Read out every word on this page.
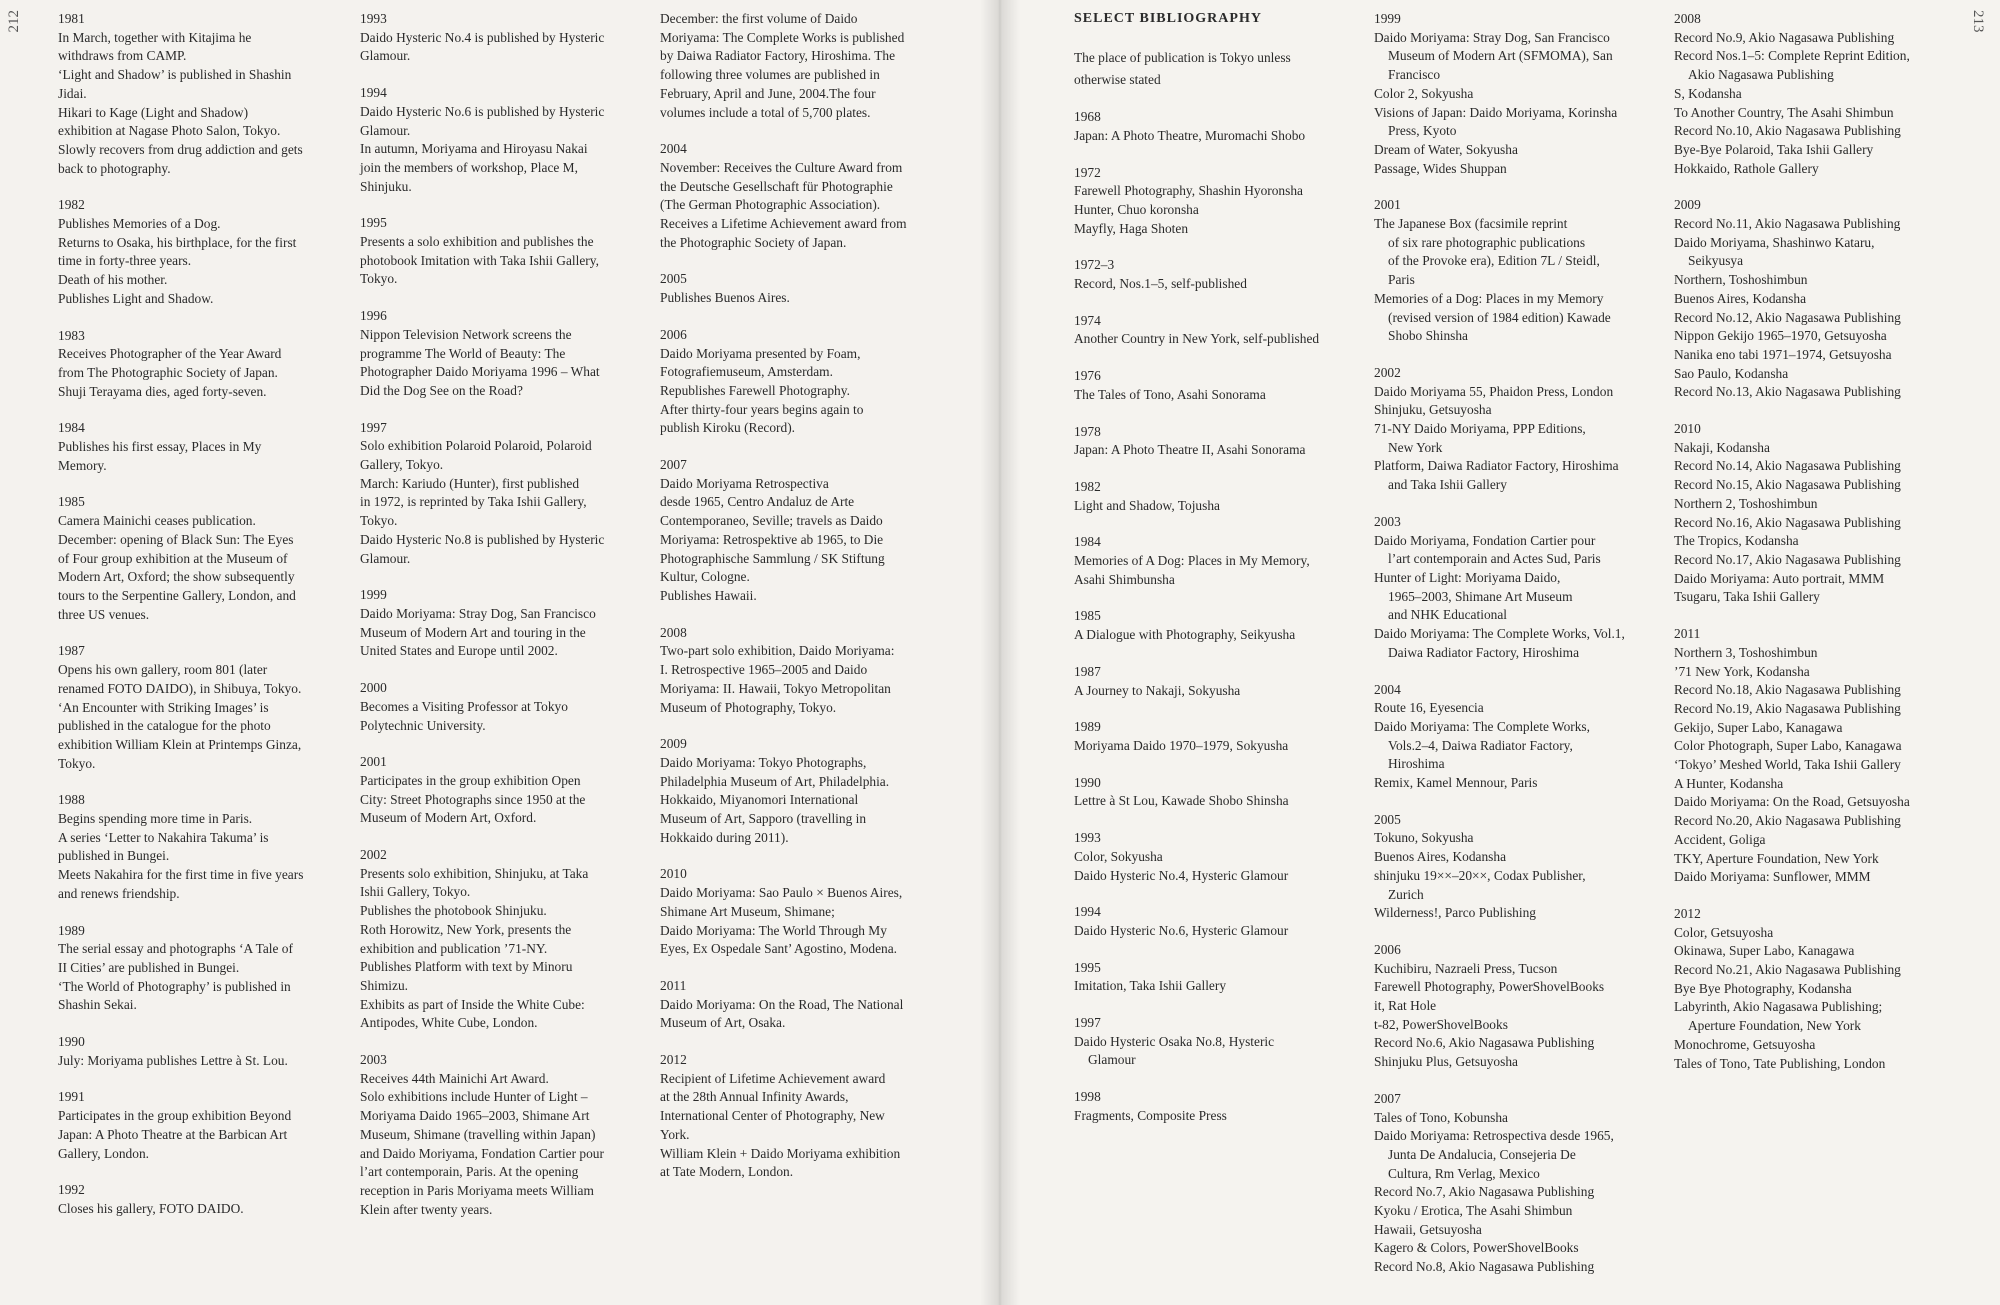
212	1981
In March, together with Kitajima he
withdraws from CAMP.
‘Light and Shadow’ is published in Shashin
Jidai.
Hikari to Kage (Light and Shadow)
exhibition at Nagase Photo Salon, Tokyo.
Slowly recovers from drug addiction and gets
back to photography.
1982
Publishes Memories of a Dog.
Returns to Osaka, his birthplace, for the first
time in forty-three years.
Death of his mother.
Publishes Light and Shadow.
1983
Receives Photographer of the Year Award
from The Photographic Society of Japan.
Shuji Terayama dies, aged forty-seven.
1984
Publishes his first essay, Places in My
Memory.
1985
Camera Mainichi ceases publication.
December: opening of Black Sun: The Eyes
of Four group exhibition at the Museum of
Modern Art, Oxford; the show subsequently
tours to the Serpentine Gallery, London, and
three US venues.
1987
Opens his own gallery, room 801 (later
renamed FOTO DAIDO), in Shibuya, Tokyo.
‘An Encounter with Striking Images’ is
published in the catalogue for the photo
exhibition William Klein at Printemps Ginza,
Tokyo.
1988
Begins spending more time in Paris.
A series ‘Letter to Nakahira Takuma’ is
published in Bungei.
Meets Nakahira for the first time in five years
and renews friendship.
1989
The serial essay and photographs ‘A Tale of
II Cities’ are published in Bungei.
‘The World of Photography’ is published in
Shashin Sekai.
1990
July: Moriyama publishes Lettre à St. Lou.
1991
Participates in the group exhibition Beyond
Japan: A Photo Theatre at the Barbican Art
Gallery, London.
1992
Closes his gallery, FOTO DAIDO.
1993
Daido Hysteric No.4 is published by Hysteric
Glamour.
1994
Daido Hysteric No.6 is published by Hysteric
Glamour.
In autumn, Moriyama and Hiroyasu Nakai
join the members of workshop, Place M,
Shinjuku.
1995
Presents a solo exhibition and publishes the
photobook Imitation with Taka Ishii Gallery,
Tokyo.
1996
Nippon Television Network screens the
programme The World of Beauty: The
Photographer Daido Moriyama 1996 – What
Did the Dog See on the Road?
1997
Solo exhibition Polaroid Polaroid, Polaroid
Gallery, Tokyo.
March: Kariudo (Hunter), first published
in 1972, is reprinted by Taka Ishii Gallery,
Tokyo.
Daido Hysteric No.8 is published by Hysteric
Glamour.
1999
Daido Moriyama: Stray Dog, San Francisco
Museum of Modern Art and touring in the
United States and Europe until 2002.
2000
Becomes a Visiting Professor at Tokyo
Polytechnic University.
2001
Participates in the group exhibition Open
City: Street Photographs since 1950 at the
Museum of Modern Art, Oxford.
2002
Presents solo exhibition, Shinjuku, at Taka
Ishii Gallery, Tokyo.
Publishes the photobook Shinjuku.
Roth Horowitz, New York, presents the
exhibition and publication ’71-NY.
Publishes Platform with text by Minoru
Shimizu.
Exhibits as part of Inside the White Cube:
Antipodes, White Cube, London.
2003
Receives 44th Mainichi Art Award.
Solo exhibitions include Hunter of Light –
Moriyama Daido 1965–2003, Shimane Art
Museum, Shimane (travelling within Japan)
and Daido Moriyama, Fondation Cartier pour
l’art contemporain, Paris. At the opening
reception in Paris Moriyama meets William
Klein after twenty years.
December: the first volume of Daido
Moriyama: The Complete Works is published
by Daiwa Radiator Factory, Hiroshima. The
following three volumes are published in
February, April and June, 2004.The four
volumes include a total of 5,700 plates.
2004
November: Receives the Culture Award from
the Deutsche Gesellschaft für Photographie
(The German Photographic Association).
Receives a Lifetime Achievement award from
the Photographic Society of Japan.
2005
Publishes Buenos Aires.
2006
Daido Moriyama presented by Foam,
Fotografiemuseum, Amsterdam.
Republishes Farewell Photography.
After thirty-four years begins again to
publish Kiroku (Record).
2007
Daido Moriyama Retrospectiva
desde 1965, Centro Andaluz de Arte
Contemporaneo, Seville; travels as Daido
Moriyama: Retrospektive ab 1965, to Die
Photographische Sammlung / SK Stiftung
Kultur, Cologne.
Publishes Hawaii.
2008
Two-part solo exhibition, Daido Moriyama:
I. Retrospective 1965–2005 and Daido
Moriyama: II. Hawaii, Tokyo Metropolitan
Museum of Photography, Tokyo.
2009
Daido Moriyama: Tokyo Photographs,
Philadelphia Museum of Art, Philadelphia.
Hokkaido, Miyanomori International
Museum of Art, Sapporo (travelling in
Hokkaido during 2011).
2010
Daido Moriyama: Sao Paulo × Buenos Aires,
Shimane Art Museum, Shimane;
Daido Moriyama: The World Through My
Eyes, Ex Ospedale Sant’ Agostino, Modena.
2011
Daido Moriyama: On the Road, The National
Museum of Art, Osaka.
2012
Recipient of Lifetime Achievement award
at the 28th Annual Infinity Awards,
International Center of Photography, New
York.
William Klein + Daido Moriyama exhibition
at Tate Modern, London.
213
SELECT BIBLIOGRAPHY
The place of publication is Tokyo unless
otherwise stated
1968
Japan: A Photo Theatre, Muromachi Shobo
1972
Farewell Photography, Shashin Hyoronsha
Hunter, Chuo koronsha
Mayfly, Haga Shoten
1972–3
Record, Nos.1–5, self-published
1974
Another Country in New York, self-published
1976
The Tales of Tono, Asahi Sonorama
1978
Japan: A Photo Theatre II, Asahi Sonorama
1982
Light and Shadow, Tojusha
1984
Memories of A Dog: Places in My Memory,
Asahi Shimbunsha
1985
A Dialogue with Photography, Seikyusha
1987
A Journey to Nakaji, Sokyusha
1989
Moriyama Daido 1970–1979, Sokyusha
1990
Lettre à St Lou, Kawade Shobo Shinsha
1993
Color, Sokyusha
Daido Hysteric No.4, Hysteric Glamour
1994
Daido Hysteric No.6, Hysteric Glamour
1995
Imitation, Taka Ishii Gallery
1997
Daido Hysteric Osaka No.8, Hysteric
Glamour
1998
Fragments, Composite Press
1999
Daido Moriyama: Stray Dog, San Francisco
Museum of Modern Art (SFMOMA), San
Francisco
Color 2, Sokyusha
Visions of Japan: Daido Moriyama, Korinsha
Press, Kyoto
Dream of Water, Sokyusha
Passage, Wides Shuppan
2001
The Japanese Box (facsimile reprint
of six rare photographic publications
of the Provoke era), Edition 7L / Steidl,
Paris
Memories of a Dog: Places in my Memory
(revised version of 1984 edition) Kawade
Shobo Shinsha
2002
Daido Moriyama 55, Phaidon Press, London
Shinjuku, Getsuyosha
71-NY Daido Moriyama, PPP Editions,
New York
Platform, Daiwa Radiator Factory, Hiroshima
and Taka Ishii Gallery
2003
Daido Moriyama, Fondation Cartier pour
l’art contemporain and Actes Sud, Paris
Hunter of Light: Moriyama Daido,
1965–2003, Shimane Art Museum
and NHK Educational
Daido Moriyama: The Complete Works, Vol.1,
Daiwa Radiator Factory, Hiroshima
2004
Route 16, Eyesencia
Daido Moriyama: The Complete Works,
Vols.2–4, Daiwa Radiator Factory,
Hiroshima
Remix, Kamel Mennour, Paris
2005
Tokuno, Sokyusha
Buenos Aires, Kodansha
shinjuku 19××–20××, Codax Publisher,
Zurich
Wilderness!, Parco Publishing
2006
Kuchibiru, Nazraeli Press, Tucson
Farewell Photography, PowerShovelBooks
it, Rat Hole
t-82, PowerShovelBooks
Record No.6, Akio Nagasawa Publishing
Shinjuku Plus, Getsuyosha
2007
Tales of Tono, Kobunsha
Daido Moriyama: Retrospectiva desde 1965,
Junta De Andalucia, Consejeria De
Cultura, Rm Verlag, Mexico
Record No.7, Akio Nagasawa Publishing
Kyoku / Erotica, The Asahi Shimbun
Hawaii, Getsuyosha
Kagero & Colors, PowerShovelBooks
Record No.8, Akio Nagasawa Publishing
2008
Record No.9, Akio Nagasawa Publishing
Record Nos.1–5: Complete Reprint Edition,
Akio Nagasawa Publishing
S, Kodansha
To Another Country, The Asahi Shimbun
Record No.10, Akio Nagasawa Publishing
Bye-Bye Polaroid, Taka Ishii Gallery
Hokkaido, Rathole Gallery
2009
Record No.11, Akio Nagasawa Publishing
Daido Moriyama, Shashinwo Kataru,
Seikyusya
Northern, Toshoshimbun
Buenos Aires, Kodansha
Record No.12, Akio Nagasawa Publishing
Nippon Gekijo 1965–1970, Getsuyosha
Nanika eno tabi 1971–1974, Getsuyosha
Sao Paulo, Kodansha
Record No.13, Akio Nagasawa Publishing
2010
Nakaji, Kodansha
Record No.14, Akio Nagasawa Publishing
Record No.15, Akio Nagasawa Publishing
Northern 2, Toshoshimbun
Record No.16, Akio Nagasawa Publishing
The Tropics, Kodansha
Record No.17, Akio Nagasawa Publishing
Daido Moriyama: Auto portrait, MMM
Tsugaru, Taka Ishii Gallery
2011
Northern 3, Toshoshimbun
’71 New York, Kodansha
Record No.18, Akio Nagasawa Publishing
Record No.19, Akio Nagasawa Publishing
Gekijo, Super Labo, Kanagawa
Color Photograph, Super Labo, Kanagawa
‘Tokyo’ Meshed World, Taka Ishii Gallery
A Hunter, Kodansha
Daido Moriyama: On the Road, Getsuyosha
Record No.20, Akio Nagasawa Publishing
Accident, Goliga
TKY, Aperture Foundation, New York
Daido Moriyama: Sunflower, MMM
2012
Color, Getsuyosha
Okinawa, Super Labo, Kanagawa
Record No.21, Akio Nagasawa Publishing
Bye Bye Photography, Kodansha
Labyrinth, Akio Nagasawa Publishing;
Aperture Foundation, New York
Monochrome, Getsuyosha
Tales of Tono, Tate Publishing, London
